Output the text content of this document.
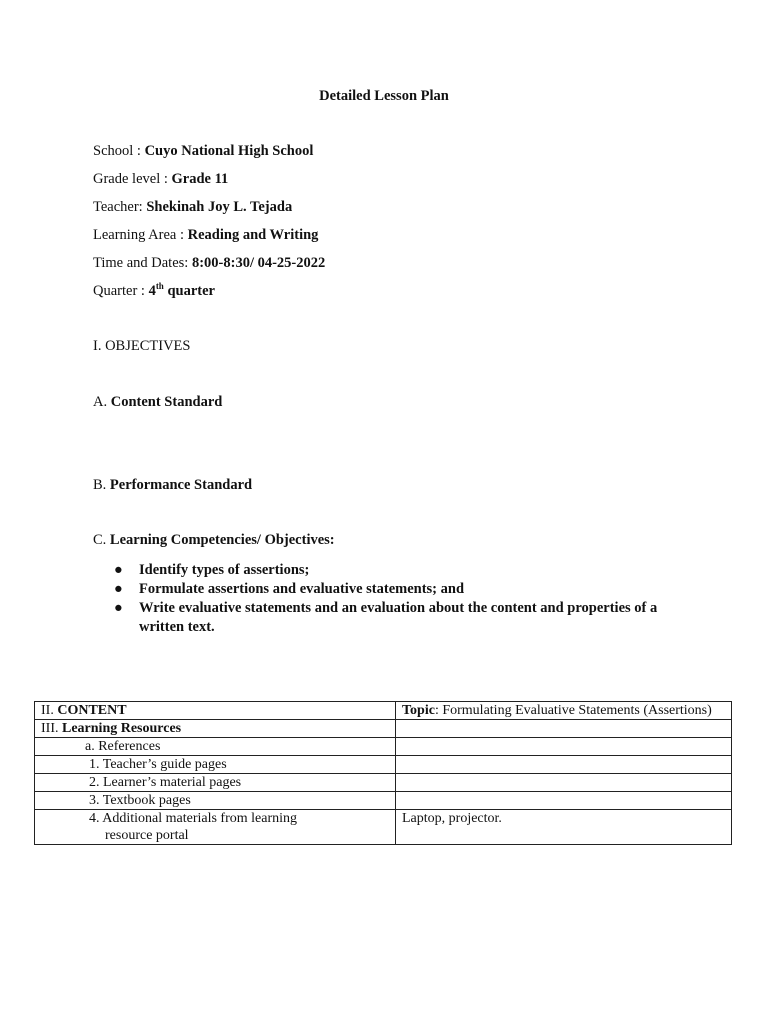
Detailed Lesson Plan
School : Cuyo National High School
Grade level : Grade 11
Teacher: Shekinah Joy L. Tejada
Learning Area : Reading and Writing
Time and Dates: 8:00-8:30/ 04-25-2022
Quarter : 4th quarter
I. OBJECTIVES
A. Content Standard
B. Performance Standard
C. Learning Competencies/ Objectives:
● Identify types of assertions;
● Formulate assertions and evaluative statements; and
● Write evaluative statements and an evaluation about the content and properties of a written text.
II. CONTENT	Topic: Formulating Evaluative Statements (Assertions)
III. Learning Resources	
a. References	
1. Teacher’s guide pages	
2. Learner’s material pages	
3. Textbook pages	

4. Additional materials from learning
resource portal	Laptop, projector.
